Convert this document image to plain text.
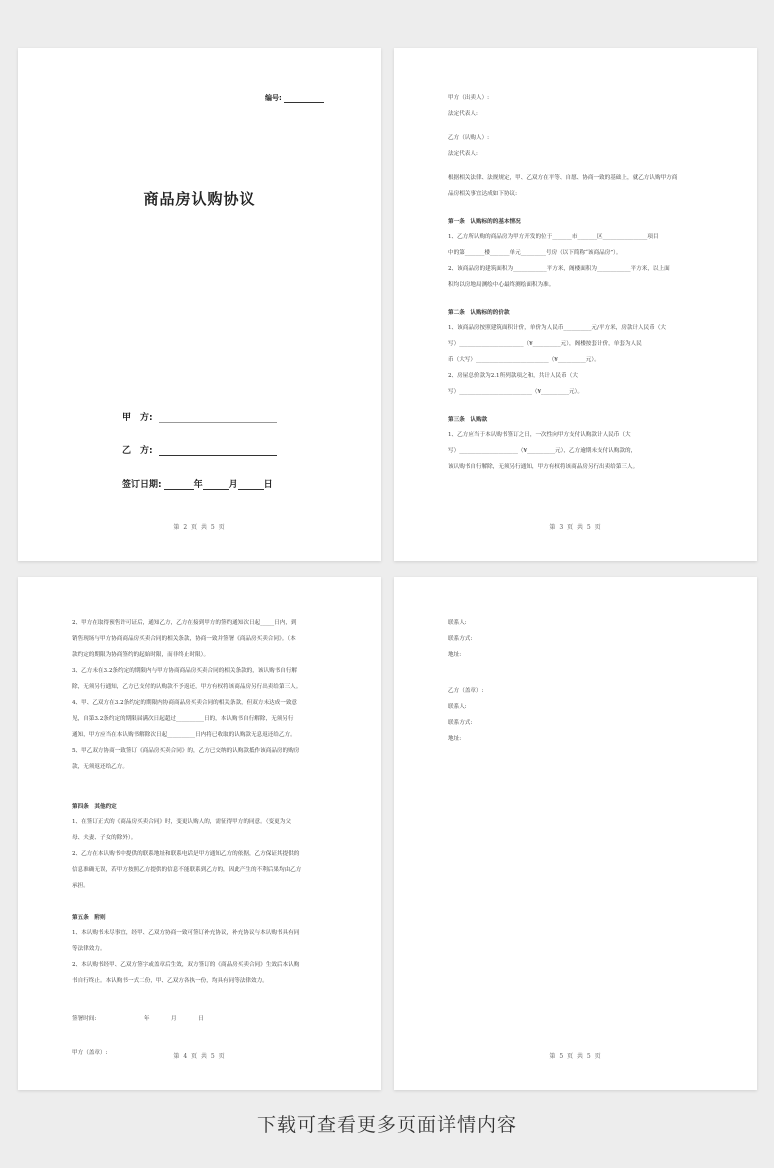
编号:
商品房认购协议
甲　方:
乙　方:
签订日期:	年	月	日
第 2 页 共 5 页

甲方（出卖人）:

法定代表人:

乙方（认购人）:

法定代表人:

根据相关法律、法规规定，甲、乙双方在平等、自愿、协商一致的基础上，就乙方认购甲方商

品房相关事宜达成如下协议:

第一条　认购标的的基本情况

1、乙方所认购的商品房为甲方开发的位于_______市_______区________________项目

中的第_______楼_______单元_________号房（以下简称“该商品房”）。

2、该商品房的建筑面积为____________平方米，阁楼面积为____________平方米，以上面

积均以房地局测绘中心最终测绘面积为准。

第二条　认购标的的价款

1、该商品房按照建筑面积计价，单价为人民币__________元/平方米，房款计人民币（大

写）_______________________（¥__________元），阁楼按套计价，单套为人民

币（大写）__________________________（¥__________元）。

2、房屋总价款为2.1所列款项之和，共计人民币（大

写）__________________________（¥__________元）。

第三条　认购款

1、乙方应当于本认购书签订之日，一次性向甲方支付认购款计人民币（大

写）_____________________（¥__________元），乙方逾期未支付认购款的，

该认购书自行解除，无须另行通知，甲方有权将该商品房另行出卖给第三人。

第 3 页 共 5 页

2、甲方在取得预售许可证后，通知乙方，乙方在接到甲方的签约通知次日起_____日内，到

销售现场与甲方协商商品房买卖合同的相关条款，协商一致并签署《商品房买卖合同》。（本

款约定的期限为协商签约的起始时限，而非终止时限）。

3、乙方未在3.2条约定的期限内与甲方协商商品房买卖合同的相关条款的，该认购书自行解

除，无须另行通知，乙方已支付的认购款不予返还，甲方有权将该商品房另行出卖给第三人。

4、甲、乙双方在3.2条约定的期限内协商商品房买卖合同的相关条款，但双方未达成一致意

见，自第3.2条约定的期限届满次日起超过__________日的，本认购书自行解除，无须另行

通知，甲方应当在本认购书解除次日起__________日内将已收取的认购款无息返还给乙方。

5、甲乙双方协商一致签订《商品房买卖合同》的，乙方已交纳的认购款抵作该商品房的购房

款，无须返还给乙方。

第四条　其他约定

1、在签订正式的《商品房买卖合同》时，变更认购人的，需征得甲方的同意。（变更为父

母、夫妻、子女的除外）。

2、乙方在本认购书中提供的联系地址和联系电话是甲方通知乙方的依据，乙方保证其提供的

信息准确无误，若甲方按照乙方提供的信息不能联系到乙方的，因此产生的不利后果均由乙方

承担。

第五条　附则

1、本认购书未尽事宜，经甲、乙双方协商一致可签订补充协议，补充协议与本认购书具有同

等法律效力。

2、本认购书经甲、乙双方签字或盖章后生效，双方签订的《商品房买卖合同》生效后本认购

书自行终止。本认购书一式二份，甲、乙双方各执一份，均具有同等法律效力。

签署时间:	年	月	日

甲方（盖章）:	第 4 页 共 5 页

联系人:

联系方式:

地址:

乙方（盖章）:

联系人:

联系方式:

地址:

第 5 页 共 5 页
下载可查看更多页面详情内容
